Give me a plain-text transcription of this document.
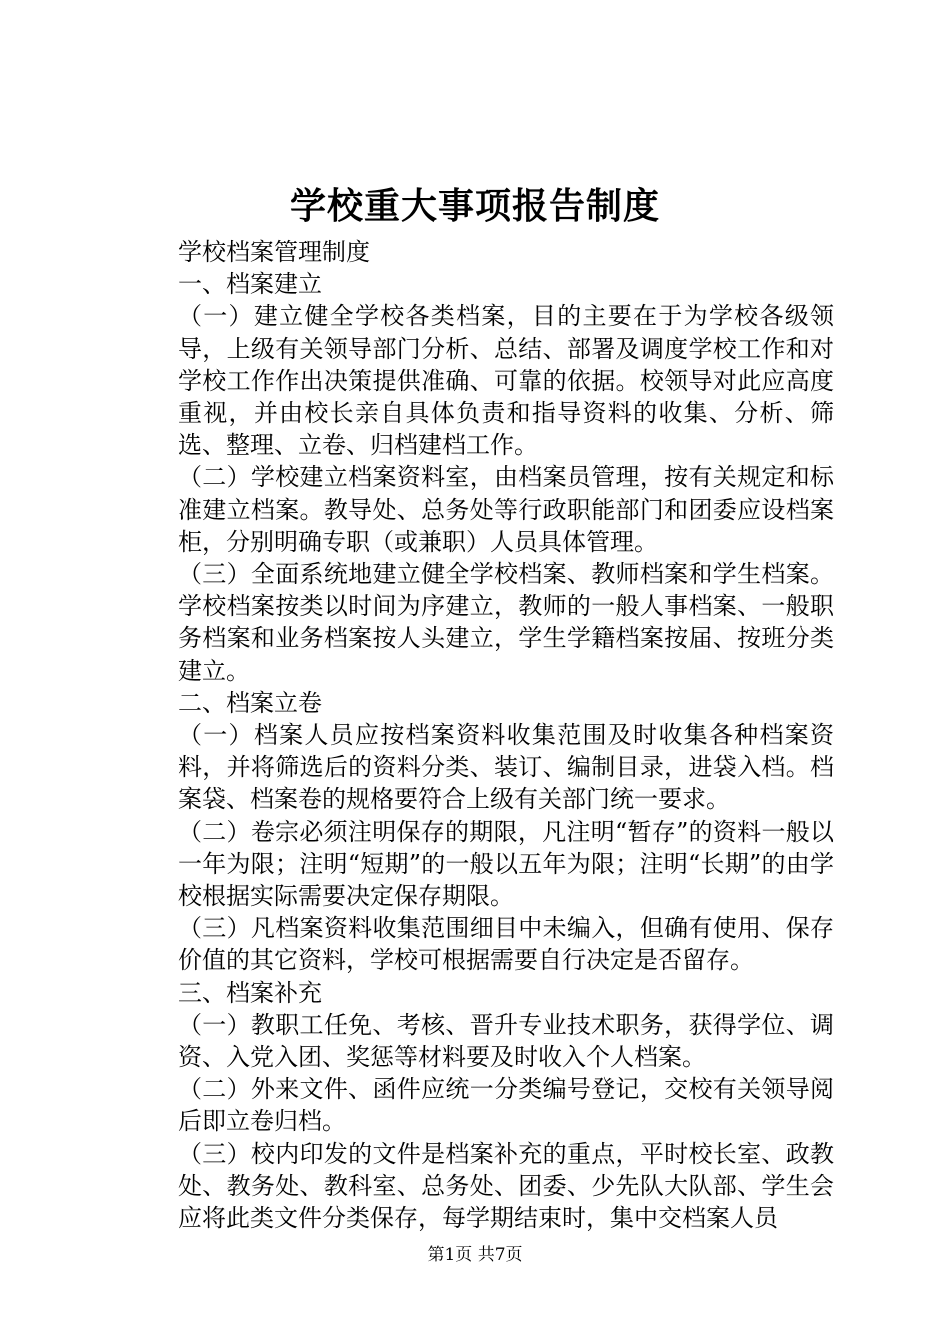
学校重大事项报告制度
学校档案管理制度
一、档案建立
（一）建立健全学校各类档案，目的主要在于为学校各级领导，上级有关领导部门分析、总结、部署及调度学校工作和对学校工作作出决策提供准确、可靠的依据。校领导对此应高度重视，并由校长亲自具体负责和指导资料的收集、分析、筛选、整理、立卷、归档建档工作。
（二）学校建立档案资料室，由档案员管理，按有关规定和标准建立档案。教导处、总务处等行政职能部门和团委应设档案柜，分别明确专职（或兼职）人员具体管理。
（三）全面系统地建立健全学校档案、教师档案和学生档案。学校档案按类以时间为序建立，教师的一般人事档案、一般职务档案和业务档案按人头建立，学生学籍档案按届、按班分类建立。
二、档案立卷
（一）档案人员应按档案资料收集范围及时收集各种档案资料，并将筛选后的资料分类、装订、编制目录，进袋入档。档案袋、档案卷的规格要符合上级有关部门统一要求。
（二）卷宗必须注明保存的期限，凡注明“暂存”的资料一般以一年为限；注明“短期”的一般以五年为限；注明“长期”的由学校根据实际需要决定保存期限。
（三）凡档案资料收集范围细目中未编入，但确有使用、保存价值的其它资料，学校可根据需要自行决定是否留存。
三、档案补充
（一）教职工任免、考核、晋升专业技术职务，获得学位、调资、入党入团、奖惩等材料要及时收入个人档案。
（二）外来文件、函件应统一分类编号登记，交校有关领导阅后即立卷归档。
（三）校内印发的文件是档案补充的重点，平时校长室、政教处、教务处、教科室、总务处、团委、少先队大队部、学生会应将此类文件分类保存，每学期结束时，集中交档案人员
第1页 共7页
